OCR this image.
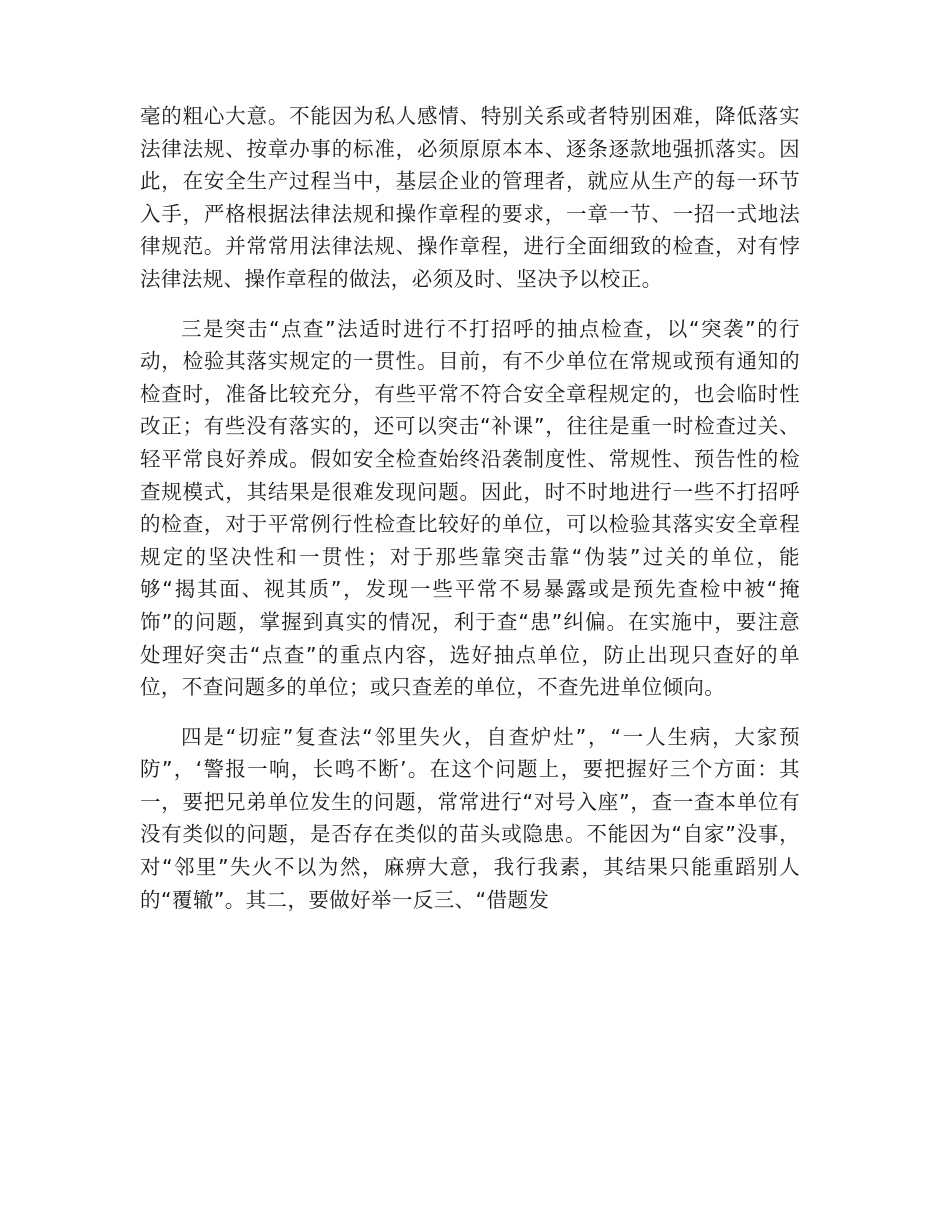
毫的粗心大意。不能因为私人感情、特别关系或者特别困难，降低落实法律法规、按章办事的标准，必须原原本本、逐条逐款地强抓落实。因此，在安全生产过程当中，基层企业的管理者，就应从生产的每一环节入手，严格根据法律法规和操作章程的要求，一章一节、一招一式地法律规范。并常常用法律法规、操作章程，进行全面细致的检查，对有悖法律法规、操作章程的做法，必须及时、坚决予以校正。

三是突击“点查”法适时进行不打招呼的抽点检查，以“突袭”的行动，检验其落实规定的一贯性。目前，有不少单位在常规或预有通知的检查时，准备比较充分，有些平常不符合安全章程规定的，也会临时性改正；有些没有落实的，还可以突击“补课”，往往是重一时检查过关、轻平常良好养成。假如安全检查始终沿袭制度性、常规性、预告性的检查规模式，其结果是很难发现问题。因此，时不时地进行一些不打招呼的检查，对于平常例行性检查比较好的单位，可以检验其落实安全章程规定的坚决性和一贯性；对于那些靠突击靠“伪装”过关的单位，能够“揭其面、视其质”，发现一些平常不易暴露或是预先查检中被“掩饰”的问题，掌握到真实的情况，利于查“患”纠偏。在实施中，要注意处理好突击“点查”的重点内容，选好抽点单位，防止出现只查好的单位，不查问题多的单位；或只查差的单位，不查先进单位倾向。

四是“切症”复查法“邻里失火，自查炉灶”，“一人生病，大家预防”，‘警报一响，长鸣不断’。在这个问题上，要把握好三个方面：其一，要把兄弟单位发生的问题，常常进行“对号入座”，查一查本单位有没有类似的问题，是否存在类似的苗头或隐患。不能因为“自家”没事，对“邻里”失火不以为然，麻痹大意，我行我素，其结果只能重蹈别人的“覆辙”。其二，要做好举一反三、“借题发
